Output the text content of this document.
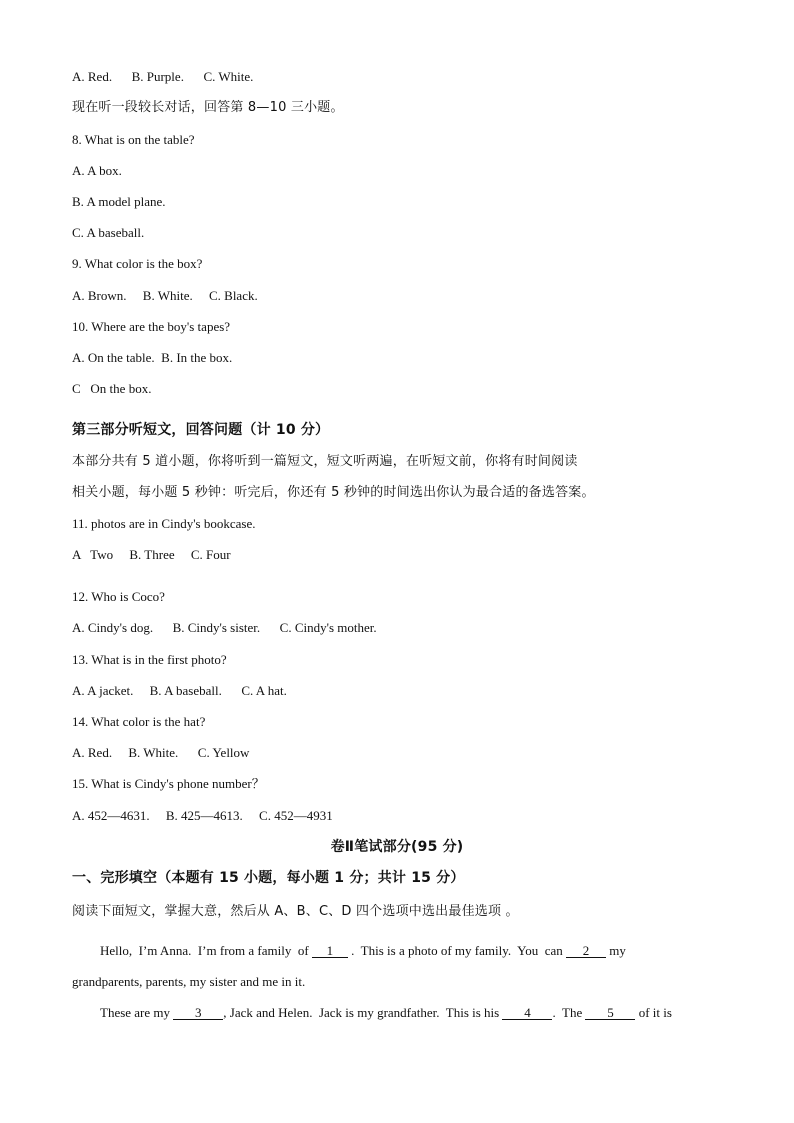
A. Red.      B. Purple.      C. White.
现在听一段较长对话，回答第 8—10 三小题。
8. What is on the table?
A. A box.
B. A model plane.
C. A baseball.
9. What color is the box?
A. Brown.     B. White.     C. Black.
10. Where are the boy's tapes?
A. On the table.  B. In the box.
C   On the box.
第三部分听短文，回答问题（计 10 分）
本部分共有 5 道小题，你将听到一篇短文，短文听两遍，在听短文前，你将有时间阅读
相关小题，每小题 5 秒钟：听完后，你还有 5 秒钟的时间选出你认为最合适的备选答案。
11. photos are in Cindy's bookcase.
A   Two     B. Three     C. Four
12. Who is Coco?
A. Cindy's dog.      B. Cindy's sister.      C. Cindy's mother.
13. What is in the first photo?
A. A jacket.     B. A baseball.      C. A hat.
14. What color is the hat?
A. Red.     B. White.      C. Yellow
15. What is Cindy's phone number？
A. 452—4631.     B. 425—4613.     C. 452—4931
卷Ⅱ笔试部分(95 分)
一、完形填空（本题有 15 小题，每小题 1 分；共计 15 分）
阅读下面短文，掌握大意，然后从 A、B、C、D 四个选项中选出最佳选项 。
Hello,  I’m Anna.  I’m from a family  of 1 .  This is a photo of my family.  You  can 2 my
grandparents, parents, my sister and me in it.
These are my 3 , Jack and Helen.  Jack is my grandfather.  This is his 4 .  The 5 of it is
